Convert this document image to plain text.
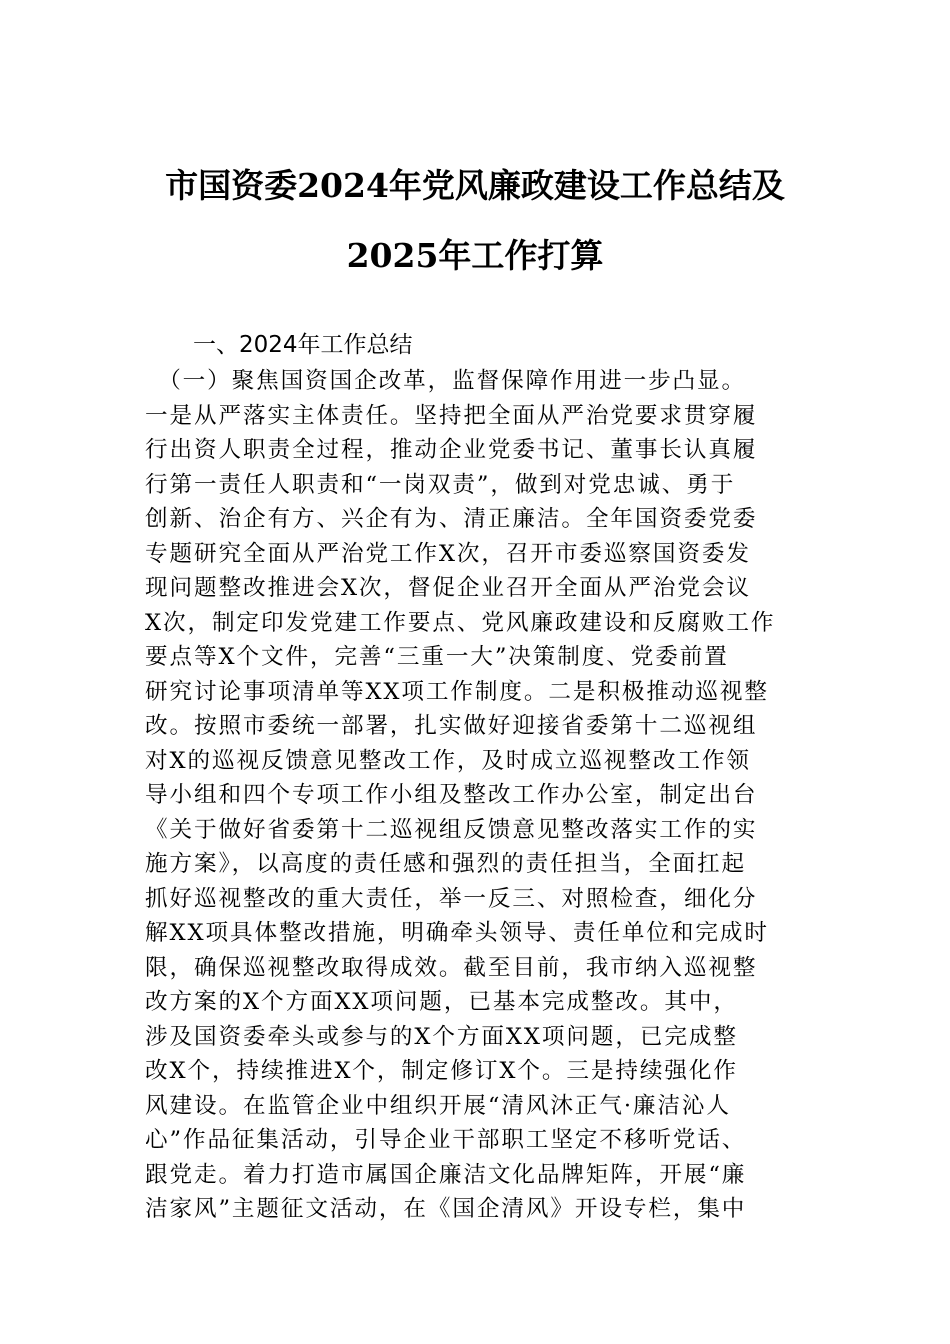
市国资委2024年党风廉政建设工作总结及
2025年工作打算
一、2024年工作总结
　（一）聚焦国资国企改革，监督保障作用进一步凸显。
一是从严落实主体责任。坚持把全面从严治党要求贯穿履
行出资人职责全过程，推动企业党委书记、董事长认真履
行第一责任人职责和“一岗双责”，做到对党忠诚、勇于
创新、治企有方、兴企有为、清正廉洁。全年国资委党委
专题研究全面从严治党工作X次，召开市委巡察国资委发
现问题整改推进会X次，督促企业召开全面从严治党会议
X次，制定印发党建工作要点、党风廉政建设和反腐败工作
要点等X个文件，完善“三重一大”决策制度、党委前置
研究讨论事项清单等XX项工作制度。二是积极推动巡视整
改。按照市委统一部署，扎实做好迎接省委第十二巡视组
对X的巡视反馈意见整改工作，及时成立巡视整改工作领
导小组和四个专项工作小组及整改工作办公室，制定出台
《关于做好省委第十二巡视组反馈意见整改落实工作的实
施方案》，以高度的责任感和强烈的责任担当，全面扛起
抓好巡视整改的重大责任，举一反三、对照检查，细化分
解XX项具体整改措施，明确牵头领导、责任单位和完成时
限，确保巡视整改取得成效。截至目前，我市纳入巡视整
改方案的X个方面XX项问题，已基本完成整改。其中，
涉及国资委牵头或参与的X个方面XX项问题，已完成整
改X个，持续推进X个，制定修订X个。三是持续强化作
风建设。在监管企业中组织开展“清风沐正气·廉洁沁人
心”作品征集活动，引导企业干部职工坚定不移听党话、
跟党走。着力打造市属国企廉洁文化品牌矩阵，开展“廉
洁家风”主题征文活动，在《国企清风》开设专栏，集中
